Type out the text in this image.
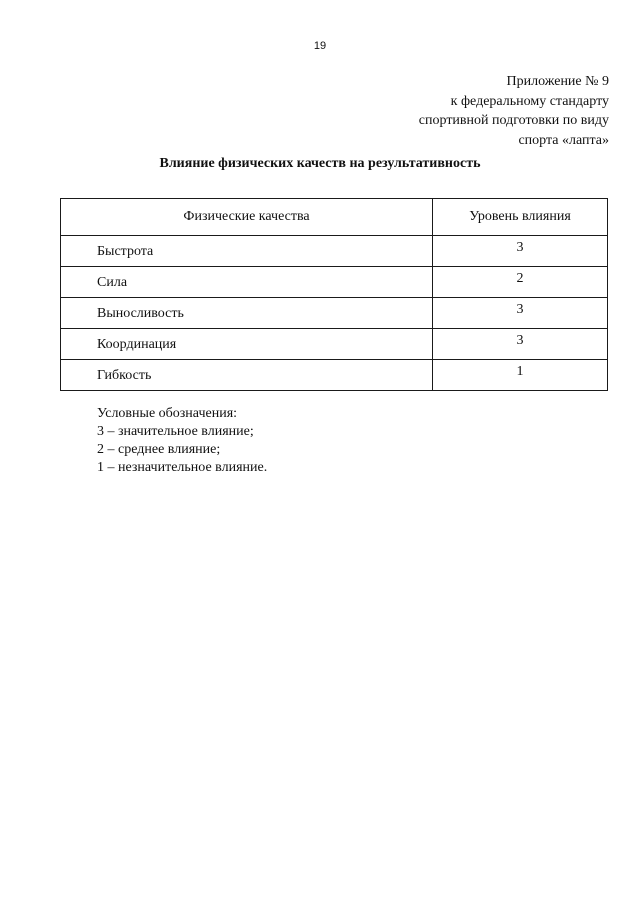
19
Приложение № 9
к федеральному стандарту
спортивной подготовки по виду
спорта «лапта»
Влияние физических качеств на результативность
Физические качества	Уровень влияния
Быстрота	3
Сила	2
Выносливость	3
Координация	3
Гибкость	1
Условные обозначения:
3 – значительное влияние;
2 – среднее влияние;
1 – незначительное влияние.
